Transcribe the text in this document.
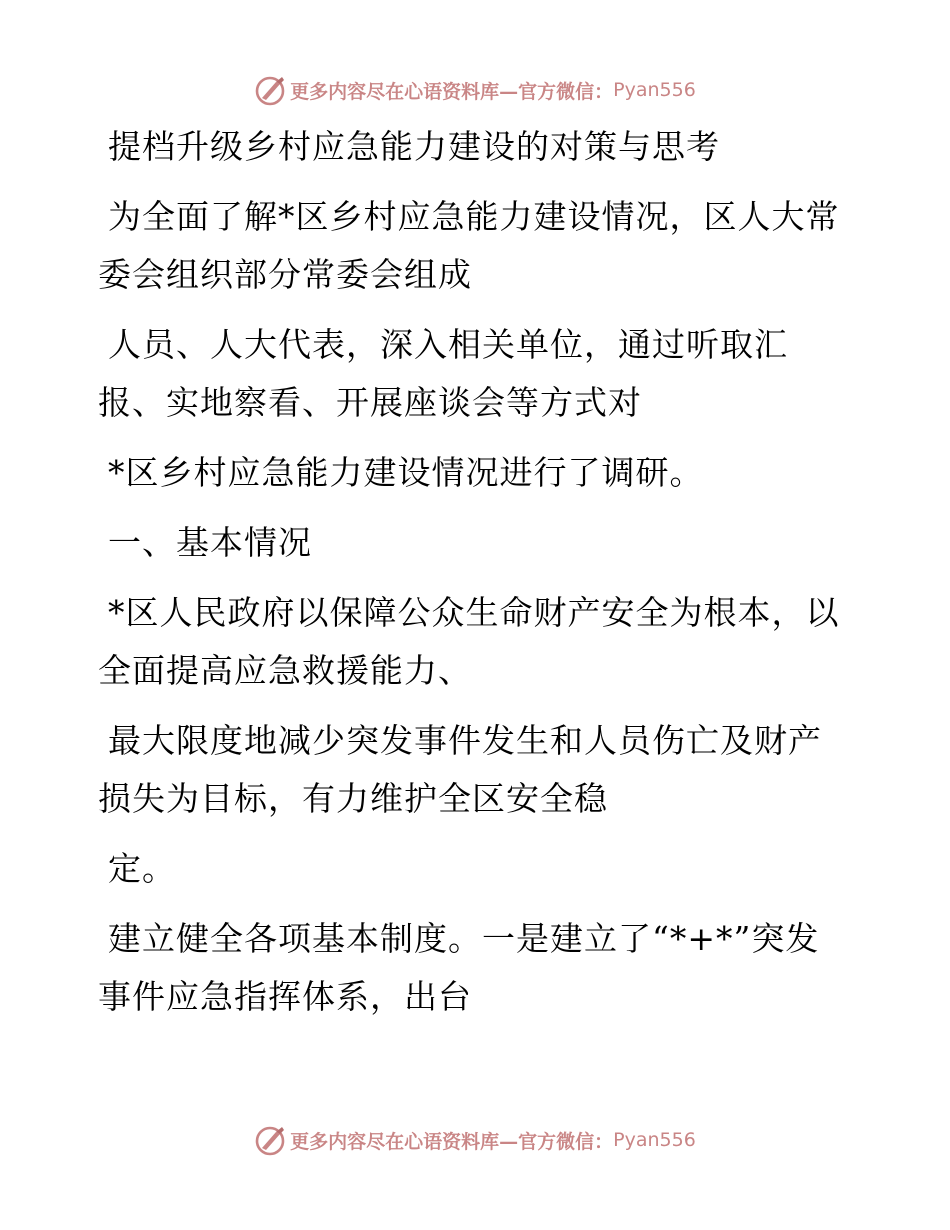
更多内容尽在心语资料库—官方微信： Pyan556
提档升级乡村应急能力建设的对策与思考
为全面了解*区乡村应急能力建设情况，区人大常
委会组织部分常委会组成
人员、人大代表，深入相关单位，通过听取汇
报、实地察看、开展座谈会等方式对
*区乡村应急能力建设情况进行了调研。
一、基本情况
*区人民政府以保障公众生命财产安全为根本，以
全面提高应急救援能力、
最大限度地减少突发事件发生和人员伤亡及财产
损失为目标，有力维护全区安全稳
定。
建立健全各项基本制度。一是建立了“*+*”突发
事件应急指挥体系，出台
更多内容尽在心语资料库—官方微信： Pyan556
